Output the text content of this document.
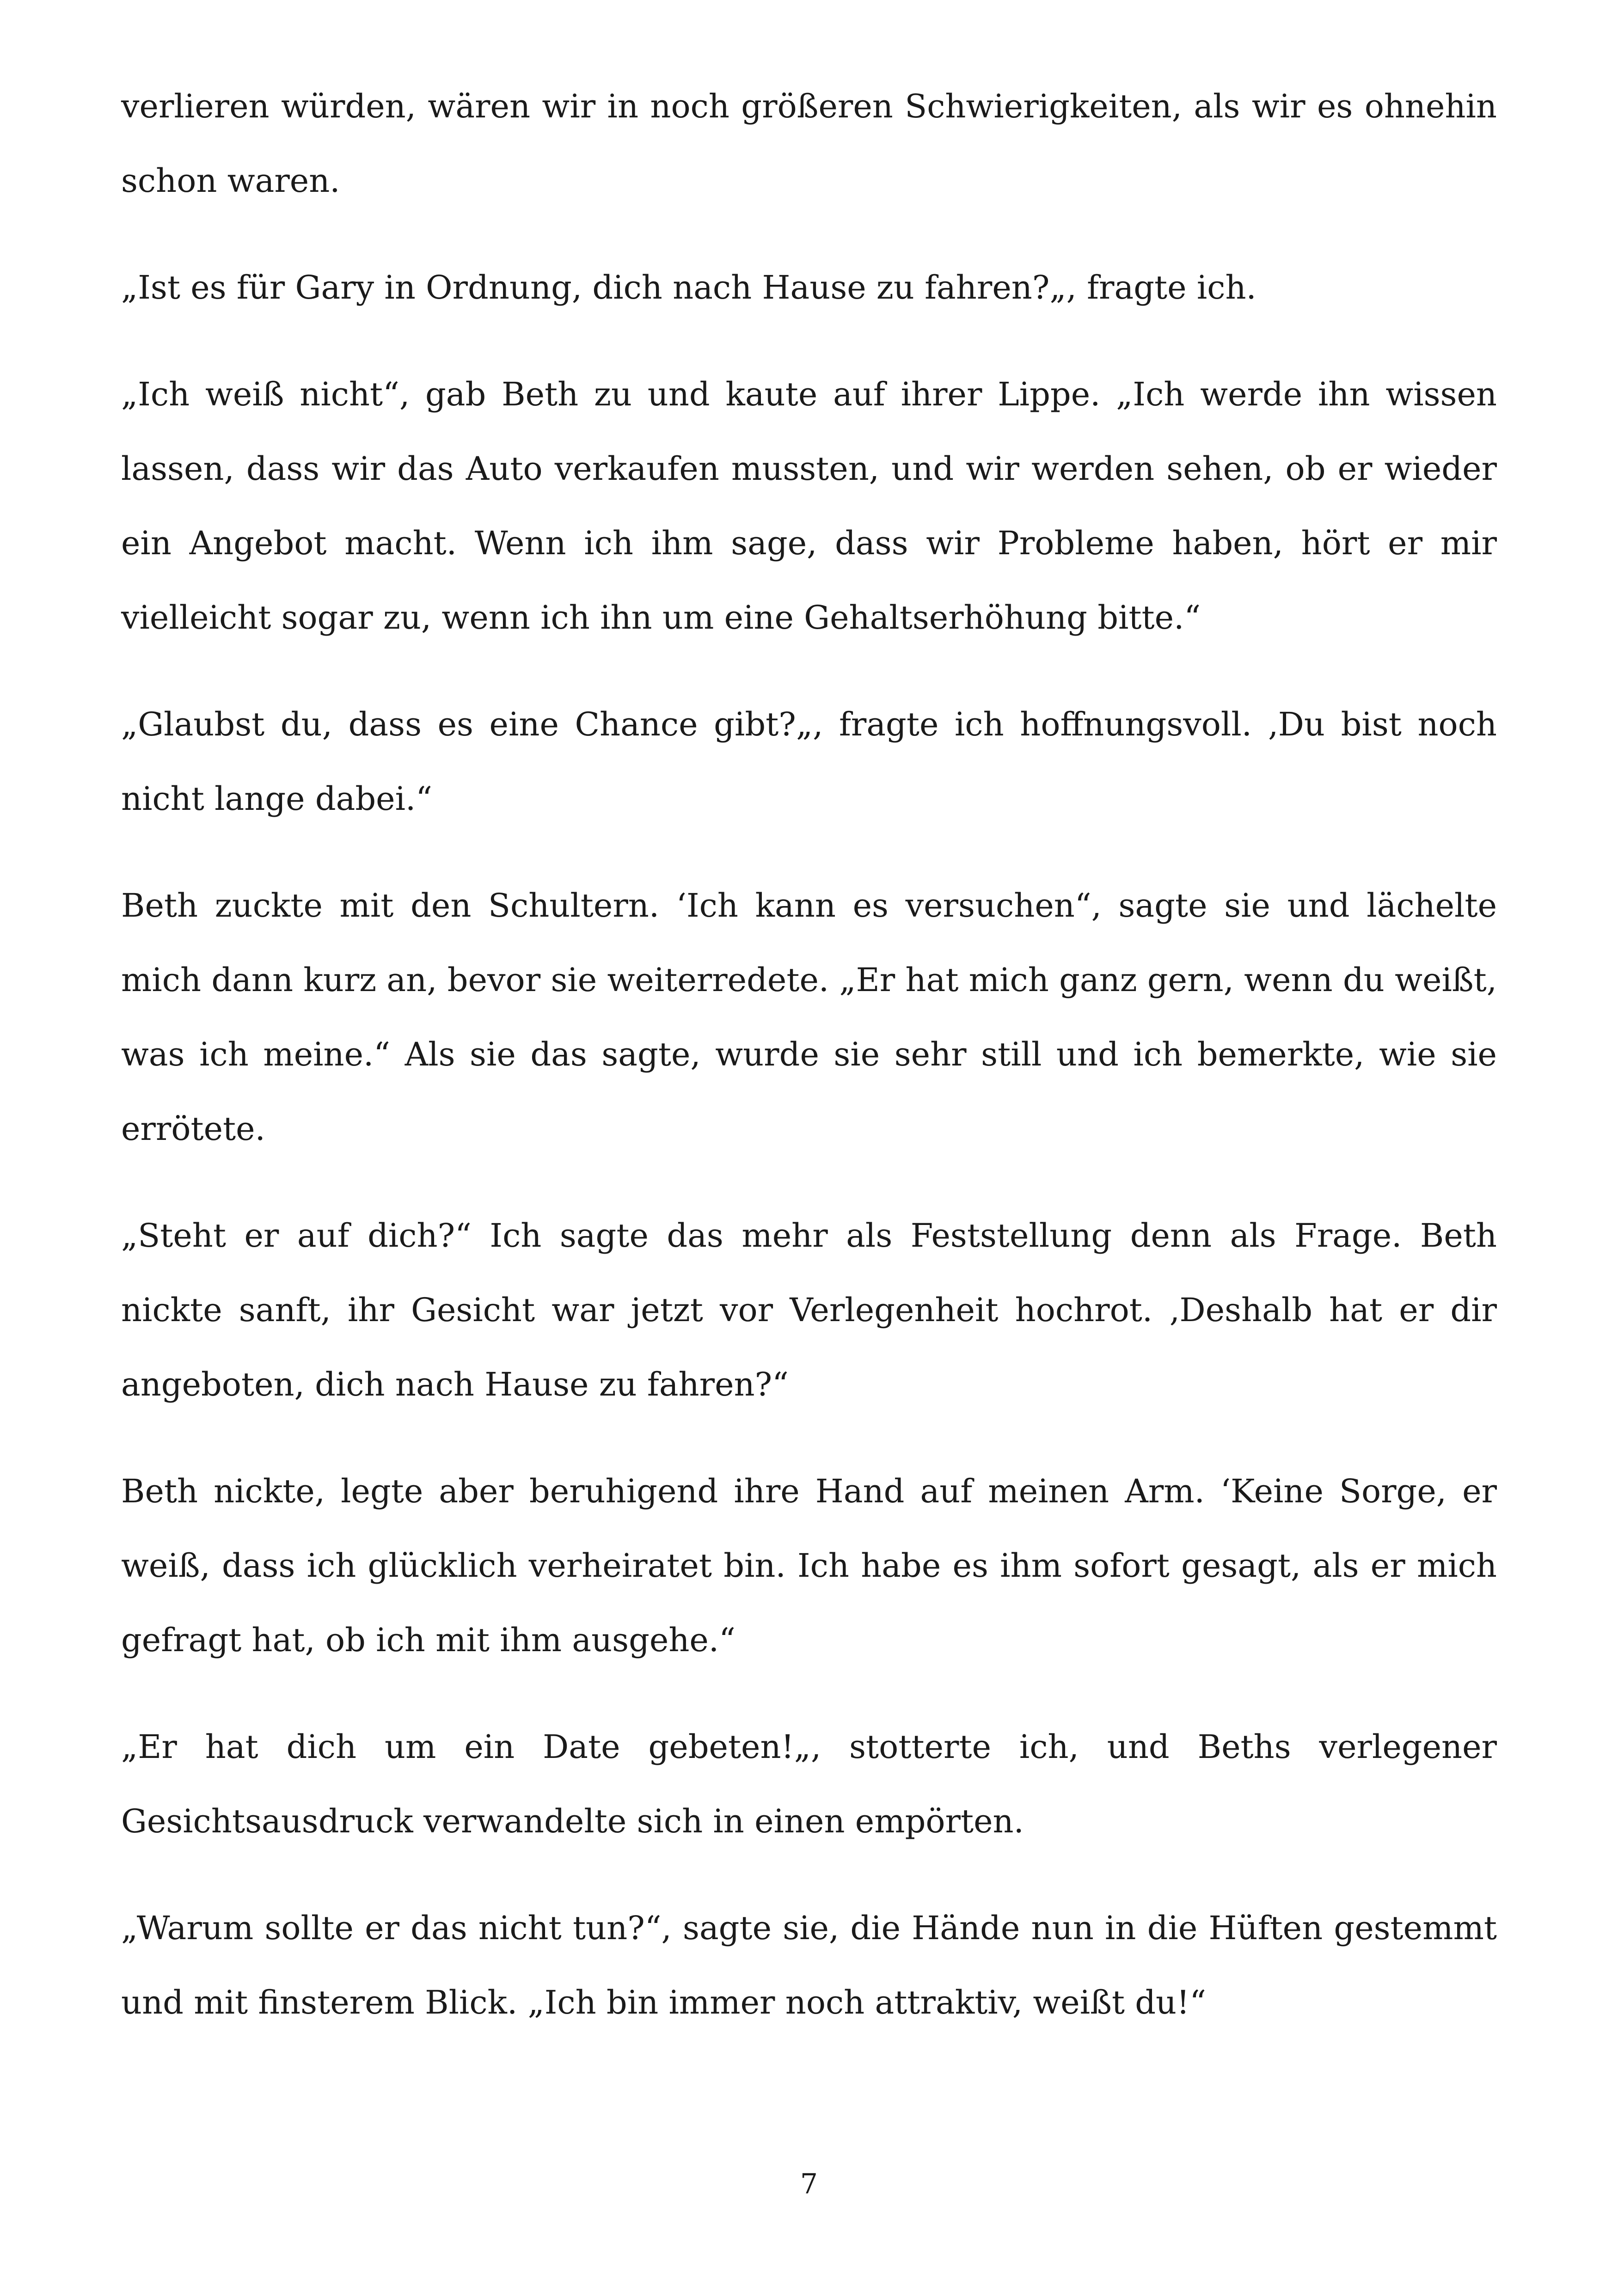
verlieren würden, wären wir in noch größeren Schwierigkeiten, als wir es ohnehin schon waren.

„Ist es für Gary in Ordnung, dich nach Hause zu fahren?„, fragte ich.

„Ich weiß nicht“, gab Beth zu und kaute auf ihrer Lippe. „Ich werde ihn wissen lassen, dass wir das Auto verkaufen mussten, und wir werden sehen, ob er wieder ein Angebot macht. Wenn ich ihm sage, dass wir Probleme haben, hört er mir vielleicht sogar zu, wenn ich ihn um eine Gehaltserhöhung bitte.“

„Glaubst du, dass es eine Chance gibt?„, fragte ich hoffnungsvoll. ‚Du bist noch nicht lange dabei.“

Beth zuckte mit den Schultern. ‘Ich kann es versuchen“, sagte sie und lächelte mich dann kurz an, bevor sie weiterredete. „Er hat mich ganz gern, wenn du weißt, was ich meine.“ Als sie das sagte, wurde sie sehr still und ich bemerkte, wie sie errötete.

„Steht er auf dich?“ Ich sagte das mehr als Feststellung denn als Frage. Beth nickte sanft, ihr Gesicht war jetzt vor Verlegenheit hochrot. ‚Deshalb hat er dir angeboten, dich nach Hause zu fahren?“

Beth nickte, legte aber beruhigend ihre Hand auf meinen Arm. ‘Keine Sorge, er weiß, dass ich glücklich verheiratet bin. Ich habe es ihm sofort gesagt, als er mich gefragt hat, ob ich mit ihm ausgehe.“

„Er hat dich um ein Date gebeten!„, stotterte ich, und Beths verlegener Gesichtsausdruck verwandelte sich in einen empörten.

„Warum sollte er das nicht tun?“, sagte sie, die Hände nun in die Hüften gestemmt und mit finsterem Blick. „Ich bin immer noch attraktiv, weißt du!“

7
